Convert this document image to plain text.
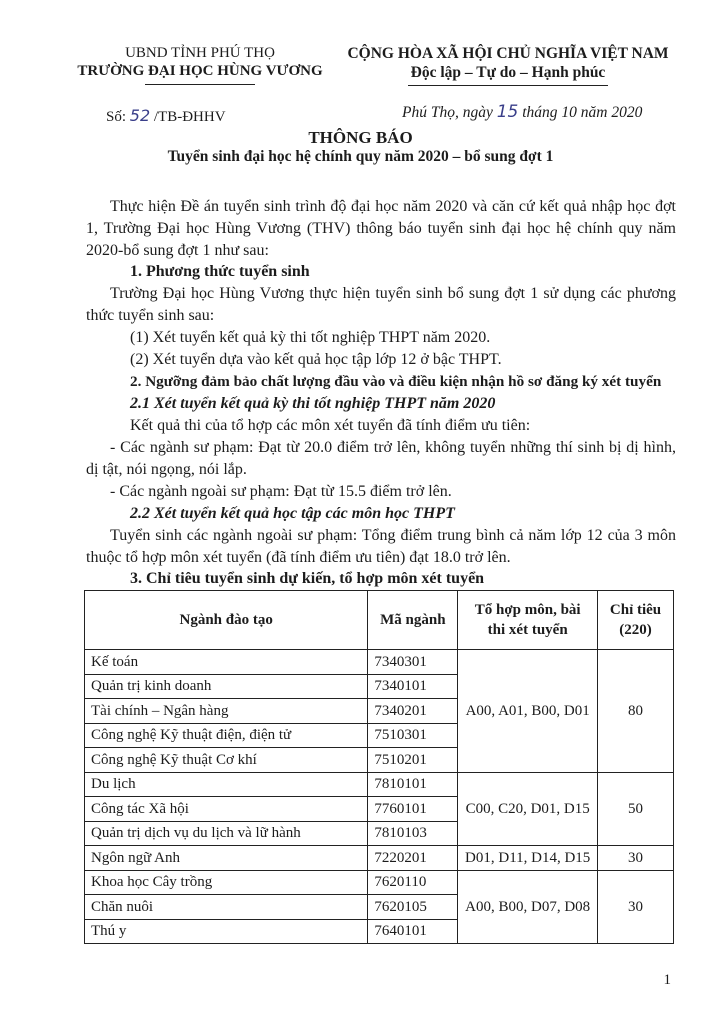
UBND TỈNH PHÚ THỌ
TRƯỜNG ĐẠI HỌC HÙNG VƯƠNG
CỘNG HÒA XÃ HỘI CHỦ NGHĨA VIỆT NAM
Độc lập – Tự do – Hạnh phúc
Số: 52 /TB-ĐHHV	Phú Thọ, ngày 15 tháng 10 năm 2020
THÔNG BÁO
Tuyển sinh đại học hệ chính quy năm 2020 – bổ sung đợt 1
Thực hiện Đề án tuyển sinh trình độ đại học năm 2020 và căn cứ kết quả nhập học đợt 1, Trường Đại học Hùng Vương (THV) thông báo tuyển sinh đại học hệ chính quy năm 2020-bổ sung đợt 1 như sau:
1. Phương thức tuyển sinh
Trường Đại học Hùng Vương thực hiện tuyển sinh bổ sung đợt 1 sử dụng các phương thức tuyển sinh sau:
(1) Xét tuyển kết quả kỳ thi tốt nghiệp THPT năm 2020.
(2) Xét tuyển dựa vào kết quả học tập lớp 12 ở bậc THPT.
2. Ngưỡng đảm bảo chất lượng đầu vào và điều kiện nhận hồ sơ đăng ký xét tuyển
2.1 Xét tuyển kết quả kỳ thi tốt nghiệp THPT năm 2020
Kết quả thi của tổ hợp các môn xét tuyển đã tính điểm ưu tiên:
- Các ngành sư phạm: Đạt từ 20.0 điểm trở lên, không tuyển những thí sinh bị dị hình, dị tật, nói ngọng, nói lắp.
- Các ngành ngoài sư phạm: Đạt từ 15.5 điểm trở lên.
2.2 Xét tuyển kết quả học tập các môn học THPT
Tuyển sinh các ngành ngoài sư phạm: Tổng điểm trung bình cả năm lớp 12 của 3 môn thuộc tổ hợp môn xét tuyển (đã tính điểm ưu tiên) đạt 18.0 trở lên.
3. Chỉ tiêu tuyển sinh dự kiến, tổ hợp môn xét tuyển
Ngành đào tạo	Mã ngành	Tổ hợp môn, bài thi xét tuyển	Chỉ tiêu (220)
Kế toán	7340301	A00, A01, B00, D01	80
Quản trị kinh doanh	7340101		
Tài chính – Ngân hàng	7340201		
Công nghệ Kỹ thuật điện, điện tử	7510301		
Công nghệ Kỹ thuật Cơ khí	7510201		
Du lịch	7810101	C00, C20, D01, D15	50
Công tác Xã hội	7760101		
Quản trị dịch vụ du lịch và lữ hành	7810103		
Ngôn ngữ Anh	7220201	D01, D11, D14, D15	30
Khoa học Cây trồng	7620110	A00, B00, D07, D08	30
Chăn nuôi	7620105		
Thú y	7640101		
1
